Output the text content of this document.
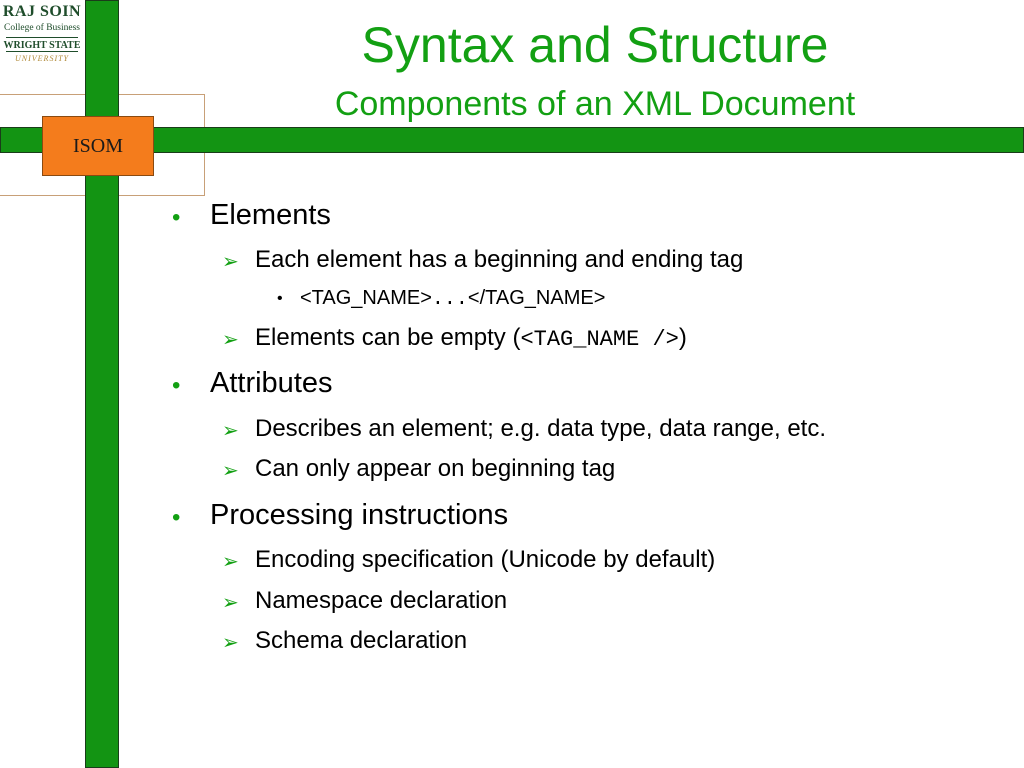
ISOM
RAJ SOIN
College of Business
WRIGHT STATE
UNIVERSITY	Syntax and Structure
Components of an XML Document
• Elements
➢ Each element has a beginning and ending tag
• <TAG_NAME>...</TAG_NAME>
➢ Elements can be empty (<TAG_NAME />)
• Attributes
➢ Describes an element; e.g. data type, data range, etc.
➢ Can only appear on beginning tag
• Processing instructions
➢ Encoding specification (Unicode by default)
➢ Namespace declaration
➢ Schema declaration
